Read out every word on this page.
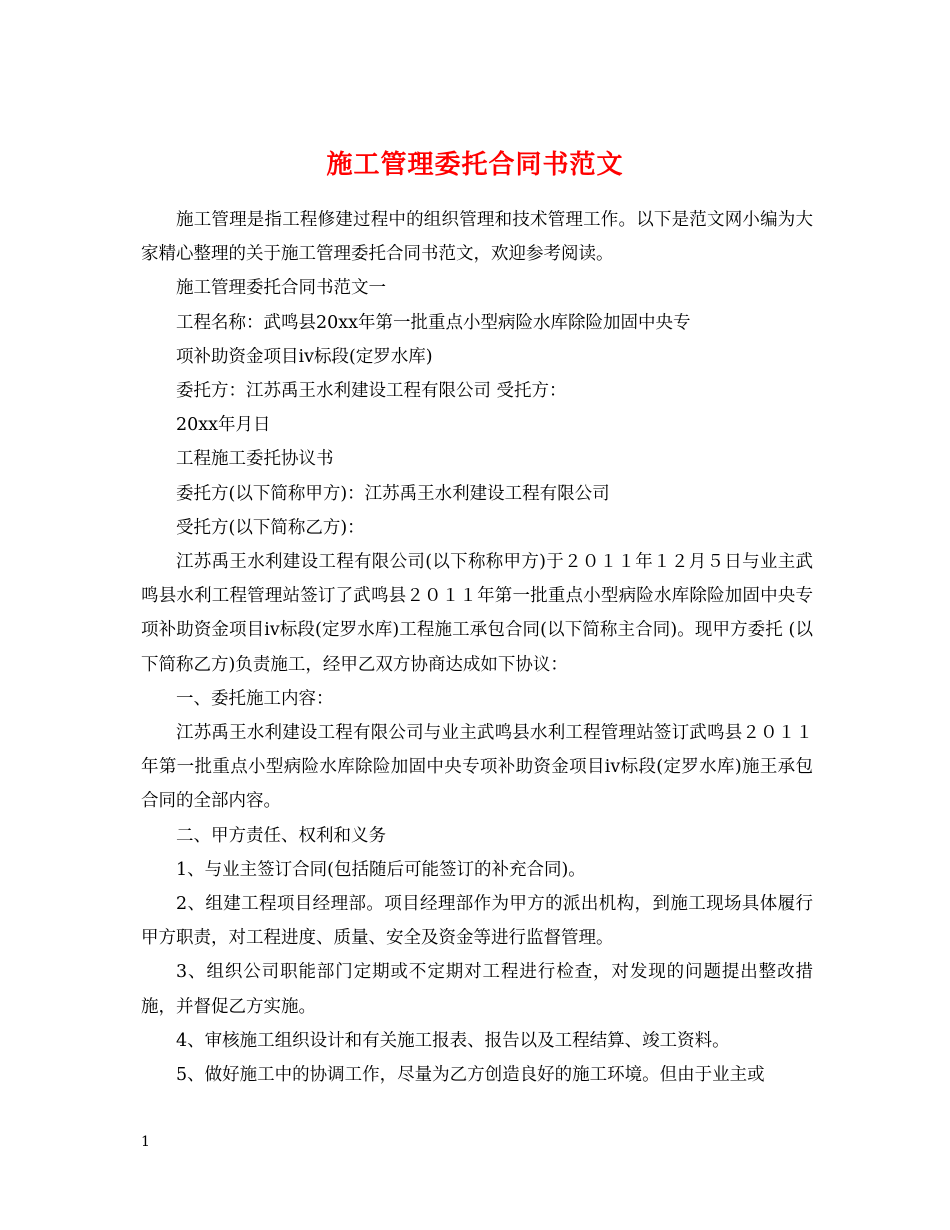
施工管理委托合同书范文

施工管理是指工程修建过程中的组织管理和技术管理工作。以下是范文网小编为大家精心整理的关于施工管理委托合同书范文，欢迎参考阅读。

施工管理委托合同书范文一

工程名称：武鸣县20xx年第一批重点小型病险水库除险加固中央专

项补助资金项目iv标段(定罗水库)

委托方：江苏禹王水利建设工程有限公司 受托方：

20xx年月日

工程施工委托协议书

委托方(以下简称甲方)：江苏禹王水利建设工程有限公司

受托方(以下简称乙方)：

江苏禹王水利建设工程有限公司(以下称称甲方)于２０１１年１２月５日与业主武鸣县水利工程管理站签订了武鸣县２０１１年第一批重点小型病险水库除险加固中央专项补助资金项目iv标段(定罗水库)工程施工承包合同(以下简称主合同)。现甲方委托 (以下简称乙方)负责施工，经甲乙双方协商达成如下协议：

一、委托施工内容：

江苏禹王水利建设工程有限公司与业主武鸣县水利工程管理站签订武鸣县２０１１年第一批重点小型病险水库除险加固中央专项补助资金项目iv标段(定罗水库)施王承包合同的全部内容。

二、甲方责任、权利和义务

1、与业主签订合同(包括随后可能签订的补充合同)。

2、组建工程项目经理部。项目经理部作为甲方的派出机构，到施工现场具体履行甲方职责，对工程进度、质量、安全及资金等进行监督管理。

3、组织公司职能部门定期或不定期对工程进行检查，对发现的问题提出整改措施，并督促乙方实施。

4、审核施工组织设计和有关施工报表、报告以及工程结算、竣工资料。

5、做好施工中的协调工作，尽量为乙方创造良好的施工环境。但由于业主或

1
